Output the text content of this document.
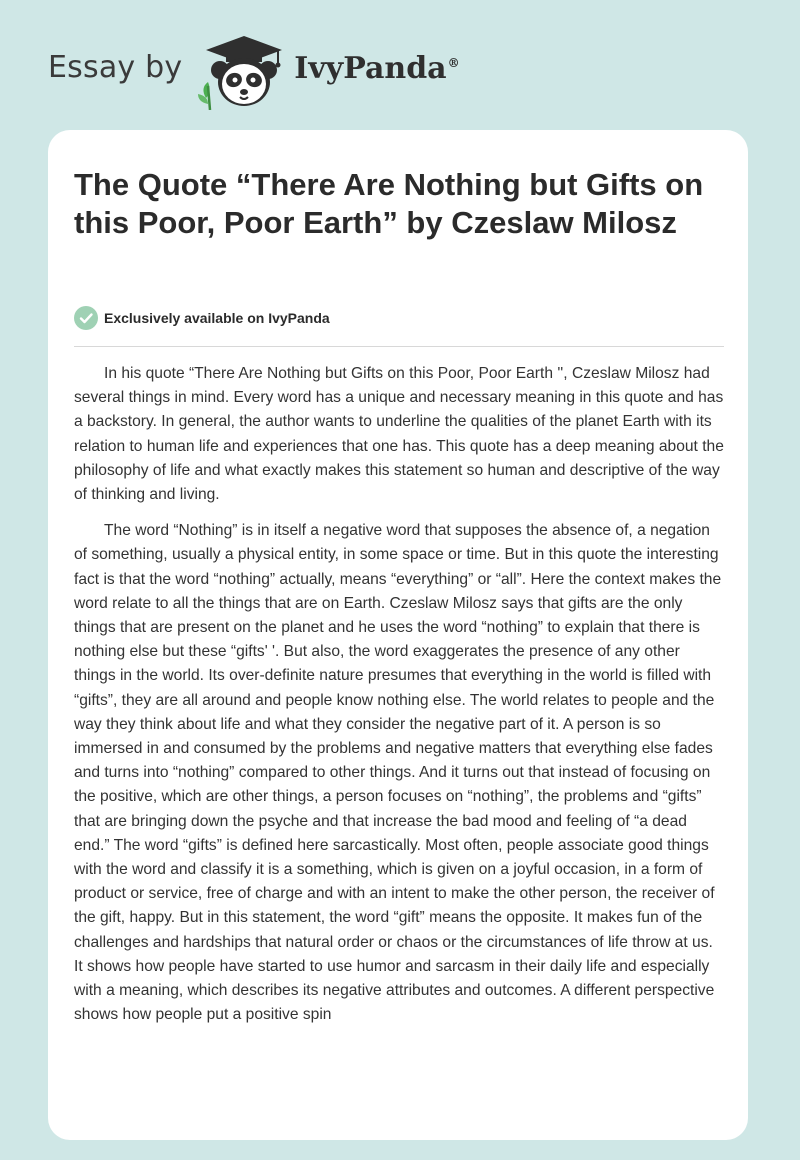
Essay by	IvyPanda®
The Quote “There Are Nothing but Gifts on this Poor, Poor Earth” by Czeslaw Milosz
Exclusively available on IvyPanda

In his quote “There Are Nothing but Gifts on this Poor, Poor Earth '', Czeslaw Milosz had several things in mind. Every word has a unique and necessary meaning in this quote and has a backstory. In general, the author wants to underline the qualities of the planet Earth with its relation to human life and experiences that one has. This quote has a deep meaning about the philosophy of life and what exactly makes this statement so human and descriptive of the way of thinking and living.

The word “Nothing” is in itself a negative word that supposes the absence of, a negation of something, usually a physical entity, in some space or time. But in this quote the interesting fact is that the word “nothing” actually, means “everything” or “all”. Here the context makes the word relate to all the things that are on Earth. Czeslaw Milosz says that gifts are the only things that are present on the planet and he uses the word “nothing” to explain that there is nothing else but these “gifts' '. But also, the word exaggerates the presence of any other things in the world. Its over-definite nature presumes that everything in the world is filled with “gifts”, they are all around and people know nothing else. The world relates to people and the way they think about life and what they consider the negative part of it. A person is so immersed in and consumed by the problems and negative matters that everything else fades and turns into “nothing” compared to other things. And it turns out that instead of focusing on the positive, which are other things, a person focuses on “nothing”, the problems and “gifts” that are bringing down the psyche and that increase the bad mood and feeling of “a dead end.” The word “gifts” is defined here sarcastically. Most often, people associate good things with the word and classify it is a something, which is given on a joyful occasion, in a form of product or service, free of charge and with an intent to make the other person, the receiver of the gift, happy. But in this statement, the word “gift” means the opposite. It makes fun of the challenges and hardships that natural order or chaos or the circumstances of life throw at us. It shows how people have started to use humor and sarcasm in their daily life and especially with a meaning, which describes its negative attributes and outcomes. A different perspective shows how people put a positive spin
